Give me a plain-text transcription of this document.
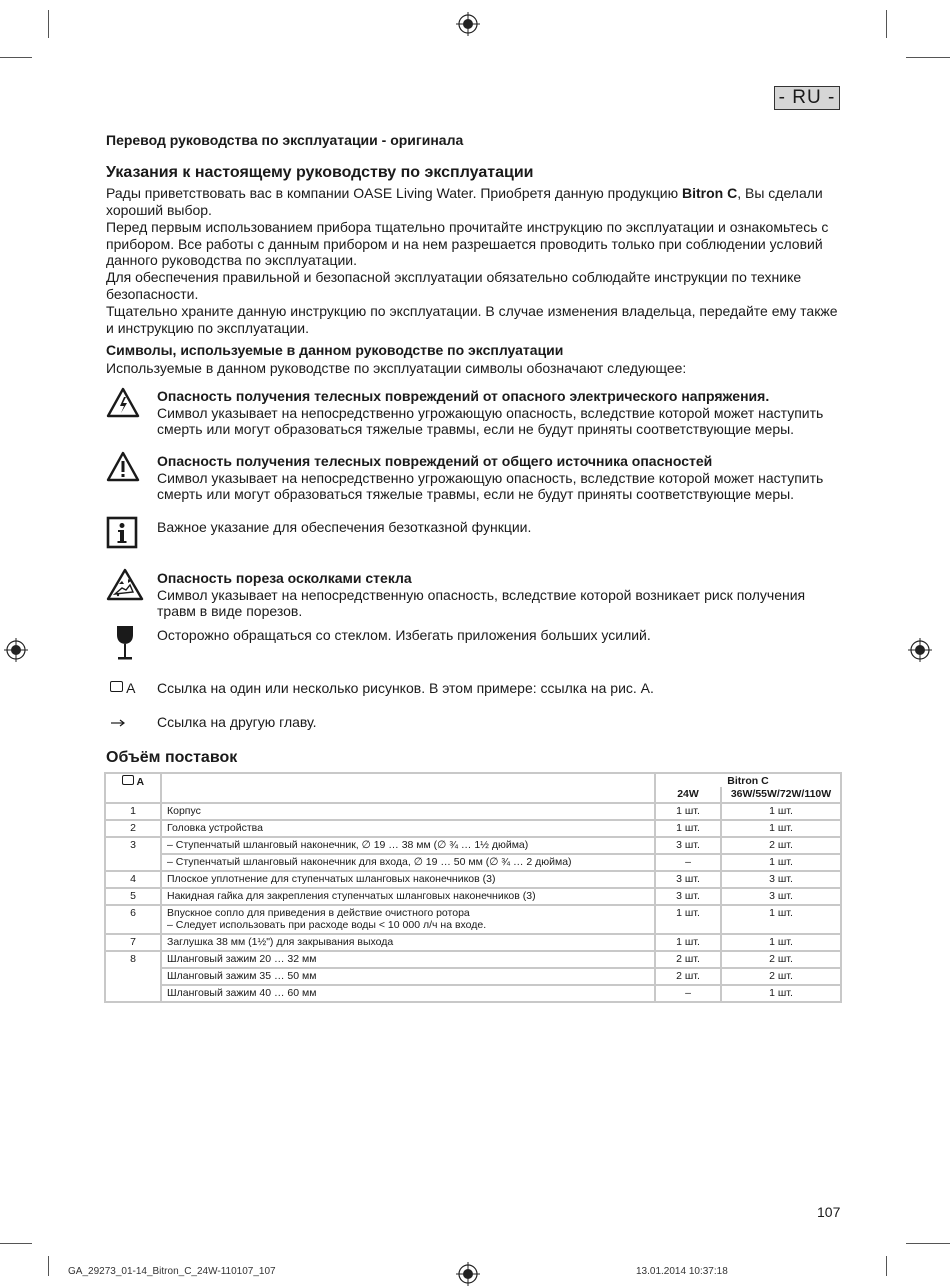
- RU -
Перевод руководства по эксплуатации - оригинала
Указания к настоящему руководству по эксплуатации
Рады приветствовать вас в компании OASE Living Water. Приобретя данную продукцию Bitron C, Вы сделали хороший выбор.
Перед первым использованием прибора тщательно прочитайте инструкцию по эксплуатации и ознакомьтесь с прибором. Все работы с данным прибором и на нем разрешается проводить только при соблюдении условий данного руководства по эксплуатации.
Для обеспечения правильной и безопасной эксплуатации обязательно соблюдайте инструкции по технике безопасности.
Тщательно храните данную инструкцию по эксплуатации. В случае изменения владельца, передайте ему также и инструкцию по эксплуатации.
Символы, используемые в данном руководстве по эксплуатации
Используемые в данном руководстве по эксплуатации символы обозначают следующее:
Опасность получения телесных повреждений от опасного электрического напряжения.
Символ указывает на непосредственно угрожающую опасность, вследствие которой может наступить смерть или могут образоваться тяжелые травмы, если не будут приняты соответствующие меры.
Опасность получения телесных повреждений от общего источника опасностей
Символ указывает на непосредственно угрожающую опасность, вследствие которой может наступить смерть или могут образоваться тяжелые травмы, если не будут приняты соответствующие меры.
Важное указание для обеспечения безотказной функции.
Опасность пореза осколками стекла
Символ указывает на непосредственную опасность, вследствие которой возникает риск получения травм в виде порезов.
Осторожно обращаться со стеклом. Избегать приложения больших усилий.
A Ссылка на один или несколько рисунков. В этом примере: ссылка на рис. A.
Ссылка на другую главу.
Объём поставок
A		Bitron C	
		24W	36W/55W/72W/110W
1	Корпус	1 шт.	1 шт.
2	Головка устройства	1 шт.	1 шт.
3	– Ступенчатый шланговый наконечник, ∅ 19 … 38 мм (∅ ¾ … 1½ дюйма)	3 шт.	2 шт.

	– Ступенчатый шланговый наконечник для входа, ∅ 19 … 50 мм (∅ ¾ … 2 дюйма)	–	1 шт.
4	Плоское уплотнение для ступенчатых шланговых наконечников (3)	3 шт.	3 шт.
5	Накидная гайка для закрепления ступенчатых шланговых наконечников (3)	3 шт.	3 шт.
6	Впускное сопло для приведения в действие очистного ротора
– Следует использовать при расходе воды < 10 000 л/ч на входе.	1 шт.	1 шт.
7	Заглушка 38 мм (1½") для закрывания выхода	1 шт.	1 шт.
8	Шланговый зажим 20 … 32 мм	2 шт.	2 шт.

	Шланговый зажим 35 … 50 мм	2 шт.	2 шт.

	Шланговый зажим 40 … 60 мм	–	1 шт.
107
GA_29273_01-14_Bitron_C_24W-110107_107	13.01.2014 10:37:18
